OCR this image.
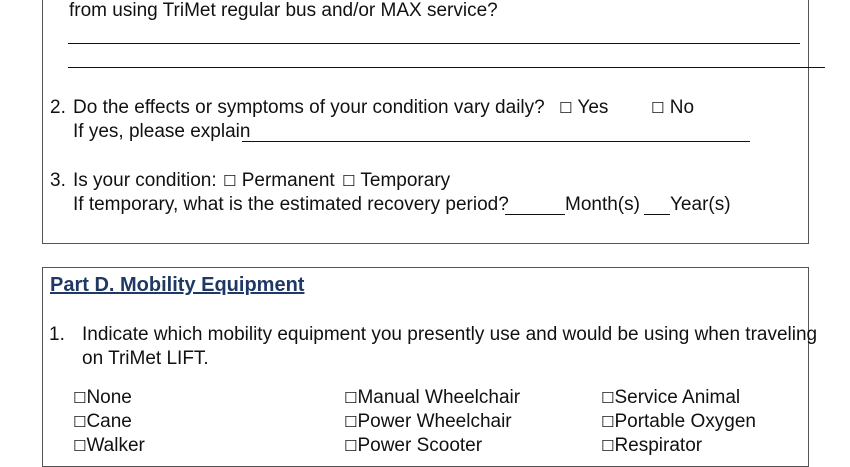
from using TriMet regular bus and/or MAX service?
2. Do the effects or symptoms of your condition vary daily? ☐ Yes	☐ No
If yes, please explain
3. Is your condition: ☐ Permanent ☐ Temporary
If temporary, what is the estimated recovery period?	Month(s) Year(s)
Part D. Mobility Equipment
1. Indicate which mobility equipment you presently use and would be using when traveling
on TriMet LIFT.
☐None
☐Cane
☐Walker
☐Manual Wheelchair
☐Power Wheelchair
☐Power Scooter
☐Service Animal
☐Portable Oxygen
☐Respirator
